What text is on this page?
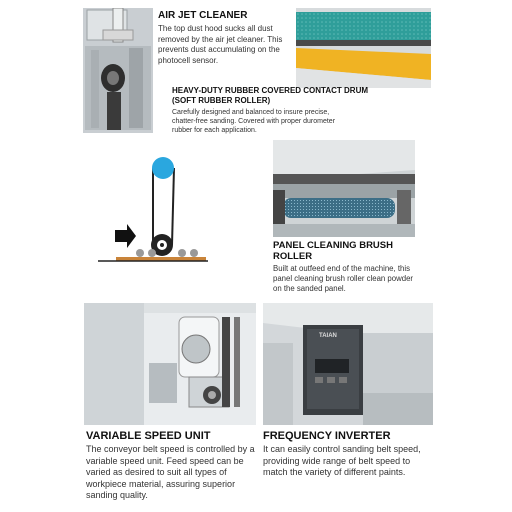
AIR JET CLEANER
The top dust hood sucks all dust removed by the air jet cleaner. This prevents dust accumulating on the photocell sensor.
HEAVY-DUTY RUBBER COVERED CONTACT DRUM (SOFT RUBBER ROLLER)
Carefully designed and balanced to insure precise, chatter-free sanding. Covered with proper durometer rubber for each application.
PANEL CLEANING BRUSH ROLLER
Built at outfeed end of the machine, this panel cleaning brush roller clean powder on the sanded panel.
TAIAN
VARIABLE SPEED UNIT
The conveyor belt speed is controlled by a variable speed unit. Feed speed can be varied as desired to suit all types of workpiece material, assuring superior sanding quality.
FREQUENCY INVERTER
It can easily control sanding belt speed, providing wide range of belt speed to match the variety of different paints.
